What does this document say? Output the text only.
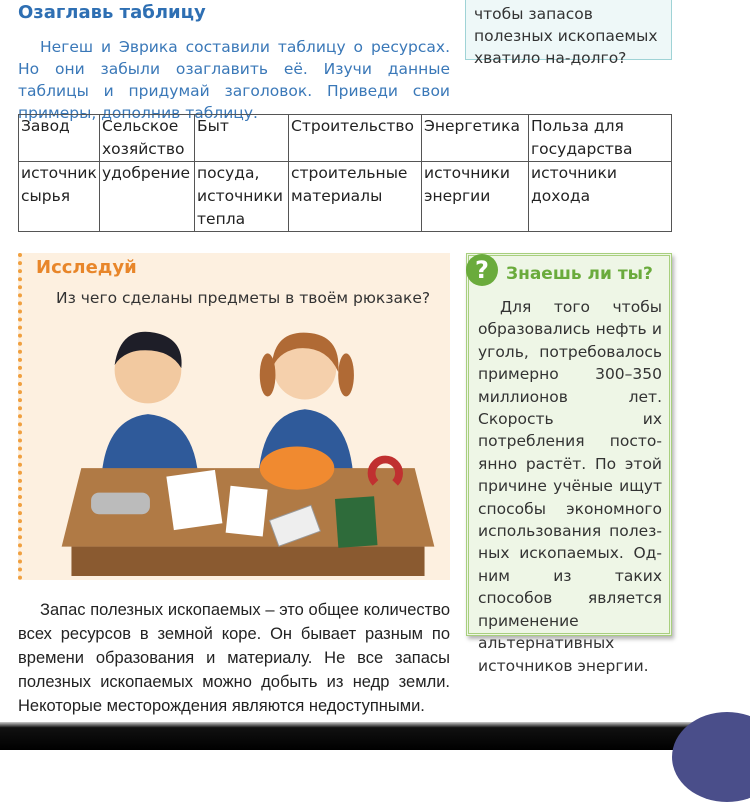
чтобы запасов полезных ископаемых хватило на-долго?
Озаглавь таблицу
Негеш и Эврика составили таблицу о ресурсах. Но они забыли озаглавить её. Изучи данные таблицы и придумай заголовок. Приведи свои примеры, дополнив таблицу.
Завод	Сельское хозяйство	Быт	Строительство	Энергетика	Польза для государства
источник сырья	удобрение	посуда, источники тепла	строительные материалы	источники энергии	источники дохода
Исследуй
Из чего сделаны предметы в твоём рюкзаке?
?	Знаешь ли ты?
Для того чтобы образовались нефть и уголь, потребовалось примерно 300–350 миллионов лет. Скорость их потребления постоянно растёт. По этой причине учёные ищут способы экономного использования полезных ископаемых. Одним из таких способов является применение альтернативных источников энергии.
Запас полезных ископаемых – это общее количество всех ресурсов в земной коре. Он бывает разным по времени образования и материалу. Не все запасы полезных ископаемых можно добыть из недр земли. Некоторые месторождения являются недоступными.
